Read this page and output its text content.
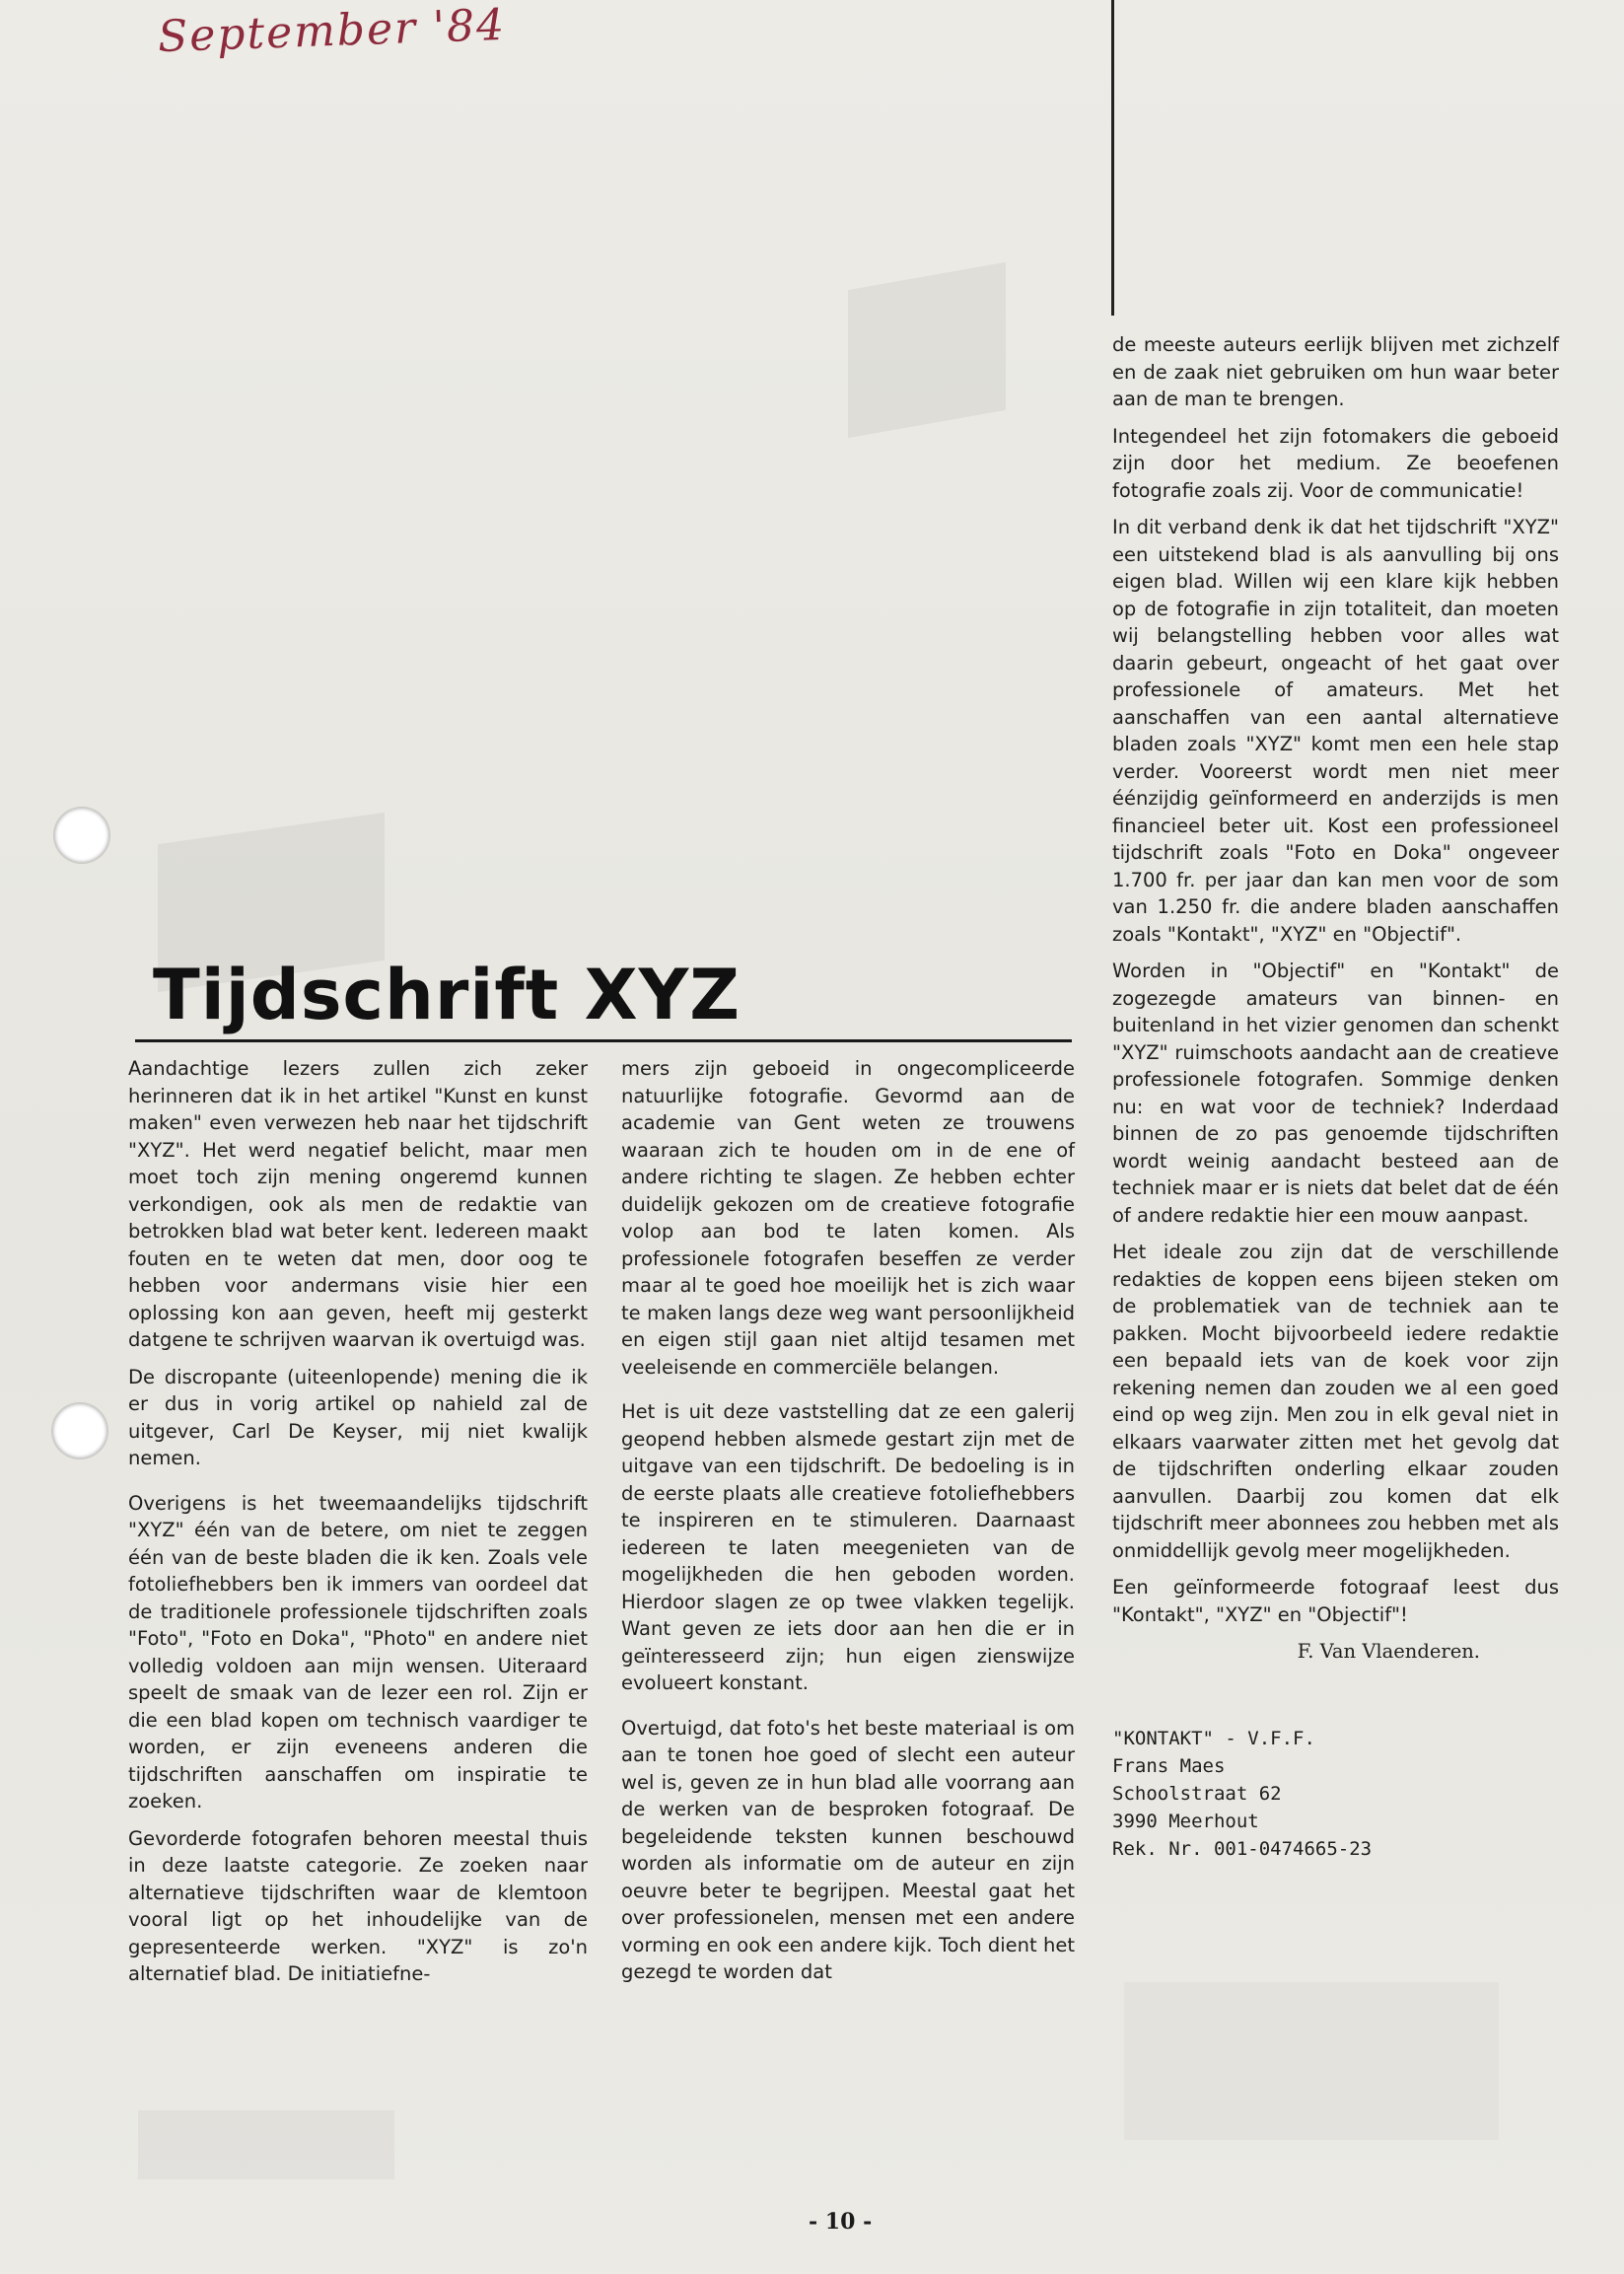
September '84
Tijdschrift XYZ

Aandachtige lezers zullen zich zeker herinneren dat ik in het artikel "Kunst en kunst maken" even verwezen heb naar het tijdschrift "XYZ". Het werd negatief belicht, maar men moet toch zijn mening ongeremd kunnen verkondigen, ook als men de redaktie van betrokken blad wat beter kent. Iedereen maakt fouten en te weten dat men, door oog te hebben voor andermans visie hier een oplossing kon aan geven, heeft mij gesterkt datgene te schrijven waarvan ik overtuigd was.

De discropante (uiteenlopende) mening die ik er dus in vorig artikel op nahield zal de uitgever, Carl De Keyser, mij niet kwalijk nemen.

Overigens is het tweemaandelijks tijdschrift "XYZ" één van de betere, om niet te zeggen één van de beste bladen die ik ken. Zoals vele fotoliefhebbers ben ik immers van oordeel dat de traditionele professionele tijdschriften zoals "Foto", "Foto en Doka", "Photo" en andere niet volledig voldoen aan mijn wensen. Uiteraard speelt de smaak van de lezer een rol. Zijn er die een blad kopen om technisch vaardiger te worden, er zijn eveneens anderen die tijdschriften aanschaffen om inspiratie te zoeken.

Gevorderde fotografen behoren meestal thuis in deze laatste categorie. Ze zoeken naar alternatieve tijdschriften waar de klemtoon vooral ligt op het inhoudelijke van de gepresenteerde werken. "XYZ" is zo'n alternatief blad. De initiatiefne-

mers zijn geboeid in ongecompliceerde natuurlijke fotografie. Gevormd aan de academie van Gent weten ze trouwens waaraan zich te houden om in de ene of andere richting te slagen. Ze hebben echter duidelijk gekozen om de creatieve fotografie volop aan bod te laten komen. Als professionele fotografen beseffen ze verder maar al te goed hoe moeilijk het is zich waar te maken langs deze weg want persoonlijkheid en eigen stijl gaan niet altijd tesamen met veeleisende en commerciële belangen.

Het is uit deze vaststelling dat ze een galerij geopend hebben alsmede gestart zijn met de uitgave van een tijdschrift. De bedoeling is in de eerste plaats alle creatieve fotoliefhebbers te inspireren en te stimuleren. Daarnaast iedereen te laten meegenieten van de mogelijkheden die hen geboden worden. Hierdoor slagen ze op twee vlakken tegelijk. Want geven ze iets door aan hen die er in geïnteresseerd zijn; hun eigen zienswijze evolueert konstant.

Overtuigd, dat foto's het beste materiaal is om aan te tonen hoe goed of slecht een auteur wel is, geven ze in hun blad alle voorrang aan de werken van de besproken fotograaf. De begeleidende teksten kunnen beschouwd worden als informatie om de auteur en zijn oeuvre beter te begrijpen. Meestal gaat het over professionelen, mensen met een andere vorming en ook een andere kijk. Toch dient het gezegd te worden dat

de meeste auteurs eerlijk blijven met zichzelf en de zaak niet gebruiken om hun waar beter aan de man te brengen.

Integendeel het zijn fotomakers die geboeid zijn door het medium. Ze beoefenen fotografie zoals zij. Voor de communicatie!

In dit verband denk ik dat het tijdschrift "XYZ" een uitstekend blad is als aanvulling bij ons eigen blad. Willen wij een klare kijk hebben op de fotografie in zijn totaliteit, dan moeten wij belangstelling hebben voor alles wat daarin gebeurt, ongeacht of het gaat over professionele of amateurs. Met het aanschaffen van een aantal alternatieve bladen zoals "XYZ" komt men een hele stap verder. Vooreerst wordt men niet meer éénzijdig geïnformeerd en anderzijds is men financieel beter uit. Kost een professioneel tijdschrift zoals "Foto en Doka" ongeveer 1.700 fr. per jaar dan kan men voor de som van 1.250 fr. die andere bladen aanschaffen zoals "Kontakt", "XYZ" en "Objectif".

Worden in "Objectif" en "Kontakt" de zogezegde amateurs van binnen- en buitenland in het vizier genomen dan schenkt "XYZ" ruimschoots aandacht aan de creatieve professionele fotografen. Sommige denken nu: en wat voor de techniek? Inderdaad binnen de zo pas genoemde tijdschriften wordt weinig aandacht besteed aan de techniek maar er is niets dat belet dat de één of andere redaktie hier een mouw aanpast.

Het ideale zou zijn dat de verschillende redakties de koppen eens bijeen steken om de problematiek van de techniek aan te pakken. Mocht bijvoorbeeld iedere redaktie een bepaald iets van de koek voor zijn rekening nemen dan zouden we al een goed eind op weg zijn. Men zou in elk geval niet in elkaars vaarwater zitten met het gevolg dat de tijdschriften onderling elkaar zouden aanvullen. Daarbij zou komen dat elk tijdschrift meer abonnees zou hebben met als onmiddellijk gevolg meer mogelijkheden.

Een geïnformeerde fotograaf leest dus "Kontakt", "XYZ" en "Objectif"!

F. Van Vlaenderen.
"KONTAKT" - V.F.F.
Frans Maes
Schoolstraat 62
3990 Meerhout
Rek. Nr. 001-0474665-23
- 10 -
